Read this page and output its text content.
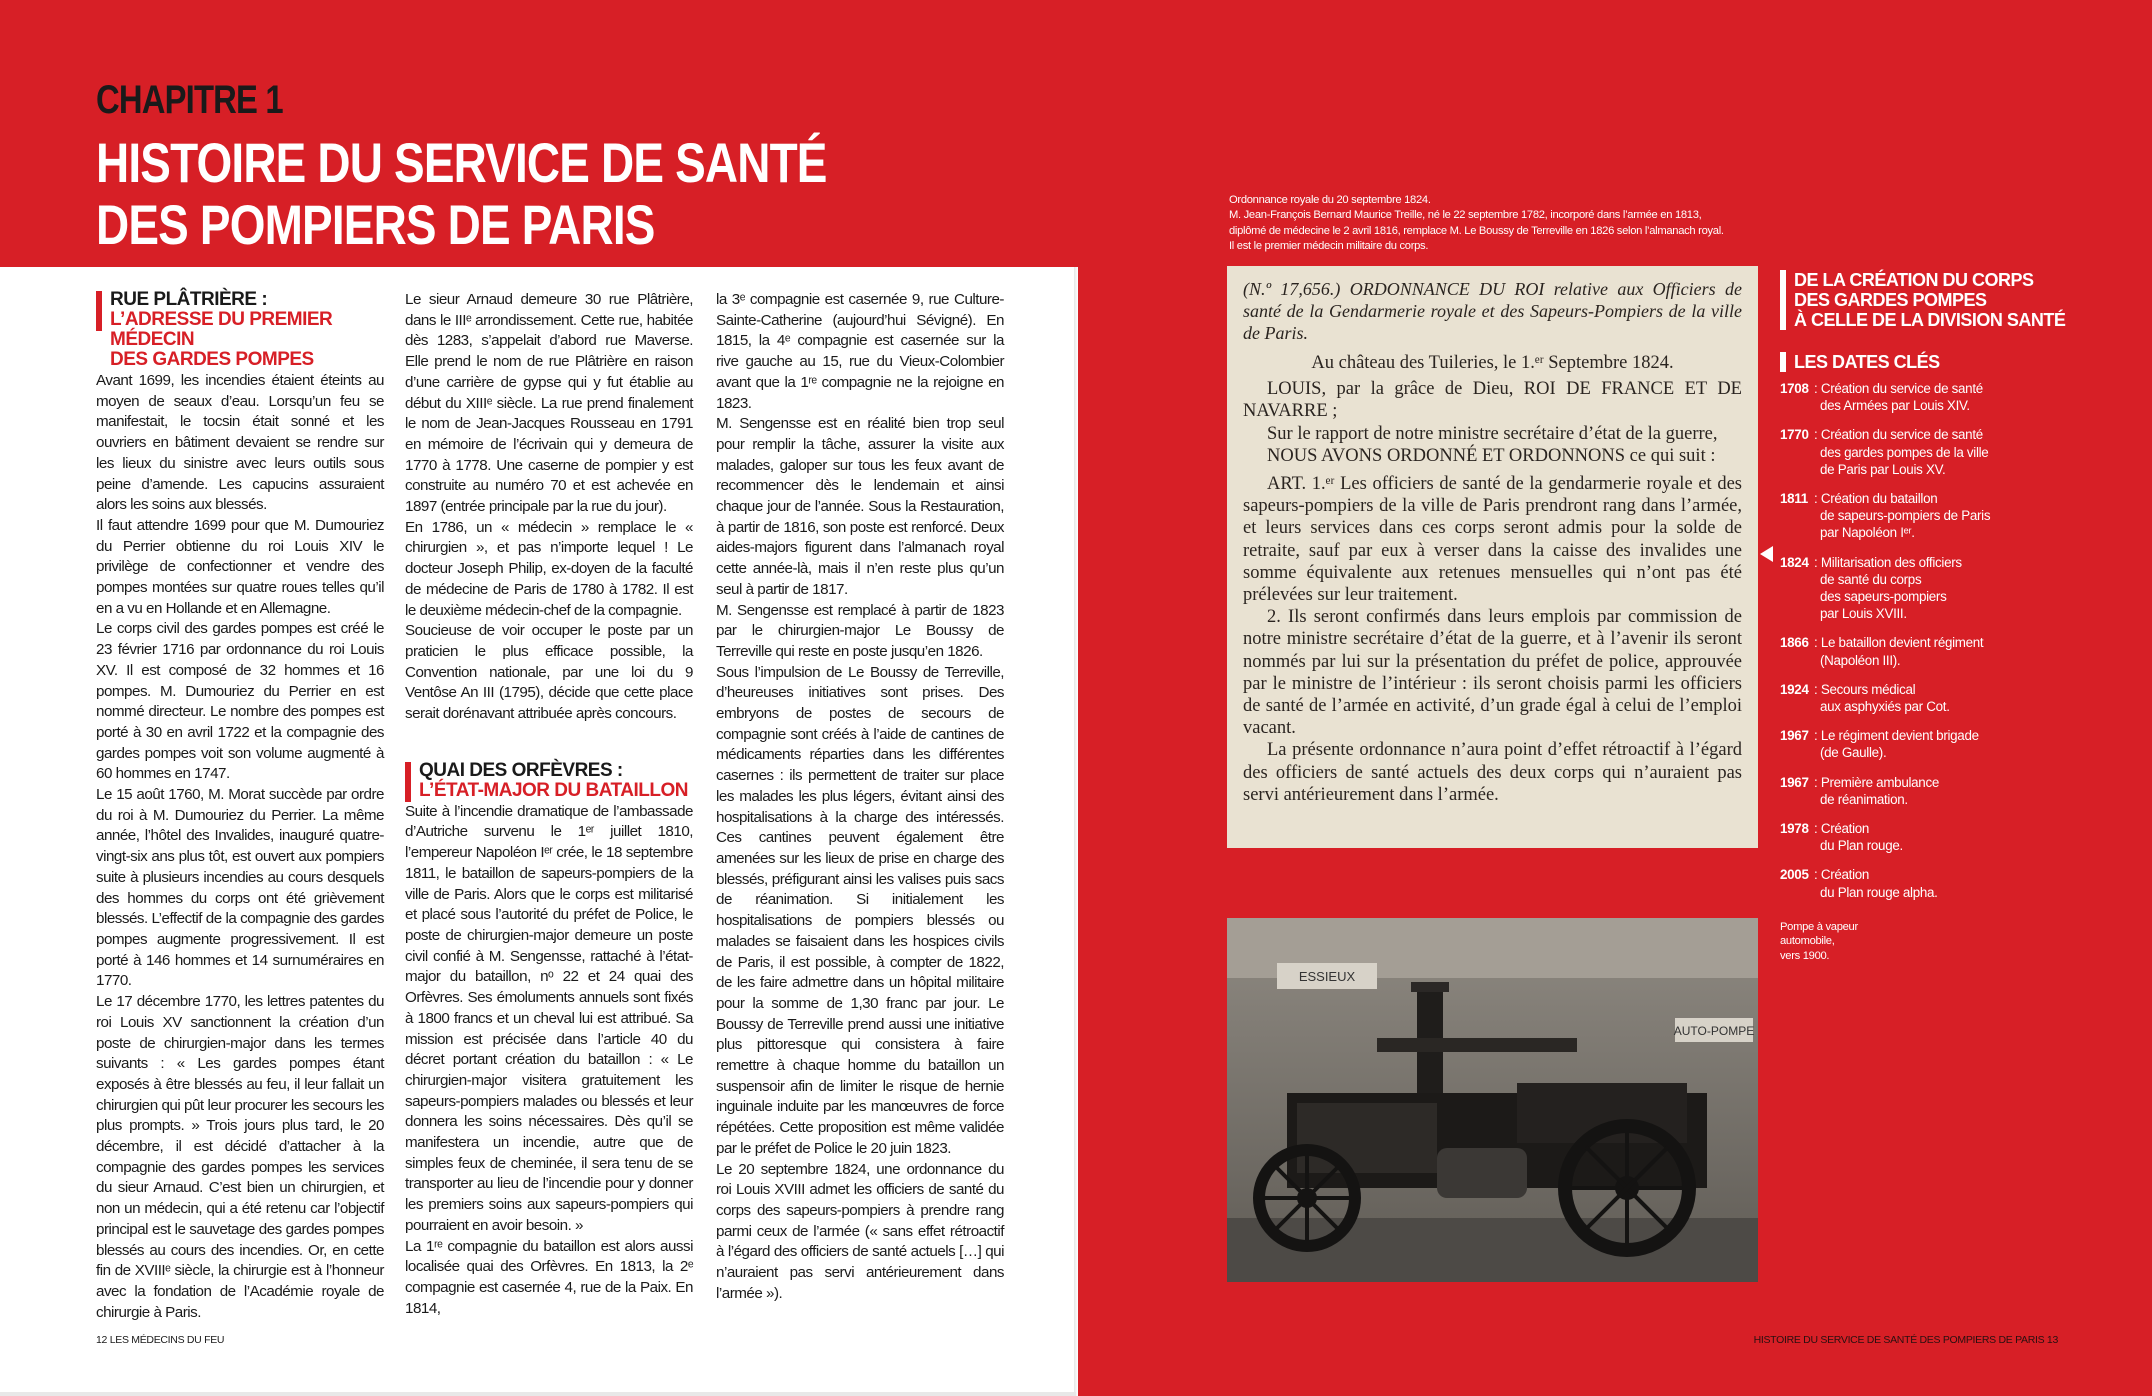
CHAPITRE 1
HISTOIRE DU SERVICE DE SANTÉ
DES POMPIERS DE PARIS
RUE PLÂTRIÈRE :
L’ADRESSE DU PREMIER MÉDECIN
DES GARDES POMPES

Avant 1699, les incendies étaient éteints au moyen de seaux d’eau. Lorsqu’un feu se manifestait, le tocsin était sonné et les ouvriers en bâtiment devaient se rendre sur les lieux du sinistre avec leurs outils sous peine d’amende. Les capucins assuraient alors les soins aux blessés.

Il faut attendre 1699 pour que M. Dumouriez du Perrier obtienne du roi Louis XIV le privilège de confectionner et vendre des pompes montées sur quatre roues telles qu’il en a vu en Hollande et en Allemagne.

Le corps civil des gardes pompes est créé le 23 février 1716 par ordonnance du roi Louis XV. Il est composé de 32 hommes et 16 pompes. M. Dumouriez du Perrier en est nommé directeur. Le nombre des pompes est porté à 30 en avril 1722 et la compagnie des gardes pompes voit son volume augmenté à 60 hommes en 1747.

Le 15 août 1760, M. Morat succède par ordre du roi à M. Dumouriez du Perrier. La même année, l’hôtel des Invalides, inauguré quatre-vingt-six ans plus tôt, est ouvert aux pompiers suite à plusieurs incendies au cours desquels des hommes du corps ont été grièvement blessés. L’effectif de la compagnie des gardes pompes augmente progressivement. Il est porté à 146 hommes et 14 surnuméraires en 1770.

Le 17 décembre 1770, les lettres patentes du roi Louis XV sanctionnent la création d’un poste de chirurgien-major dans les termes suivants : « Les gardes pompes étant exposés à être blessés au feu, il leur fallait un chirurgien qui pût leur procurer les secours les plus prompts. » Trois jours plus tard, le 20 décembre, il est décidé d’attacher à la compagnie des gardes pompes les services du sieur Arnaud. C’est bien un chirurgien, et non un médecin, qui a été retenu car l’objectif principal est le sauvetage des gardes pompes blessés au cours des incendies. Or, en cette fin de XVIIIᵉ siècle, la chirurgie est à l’honneur avec la fondation de l’Académie royale de chirurgie à Paris.

Le sieur Arnaud demeure 30 rue Plâtrière, dans le IIIᵉ arrondissement. Cette rue, habitée dès 1283, s’appelait d’abord rue Maverse. Elle prend le nom de rue Plâtrière en raison d’une carrière de gypse qui y fut établie au début du XIIIᵉ siècle. La rue prend finalement le nom de Jean-Jacques Rousseau en 1791 en mémoire de l’écrivain qui y demeura de 1770 à 1778. Une caserne de pompier y est construite au numéro 70 et est achevée en 1897 (entrée principale par la rue du jour).

En 1786, un « médecin » remplace le « chirurgien », et pas n’importe lequel ! Le docteur Joseph Philip, ex-doyen de la faculté de médecine de Paris de 1780 à 1782. Il est le deuxième médecin-chef de la compagnie.

Soucieuse de voir occuper le poste par un praticien le plus efficace possible, la Convention nationale, par une loi du 9 Ventôse An III (1795), décide que cette place serait dorénavant attribuée après concours.

QUAI DES ORFÈVRES :
L’ÉTAT-MAJOR DU BATAILLON

Suite à l’incendie dramatique de l’ambassade d’Autriche survenu le 1ᵉʳ juillet 1810, l’empereur Napoléon Iᵉʳ crée, le 18 septembre 1811, le bataillon de sapeurs-pompiers de la ville de Paris. Alors que le corps est militarisé et placé sous l’autorité du préfet de Police, le poste de chirurgien-major demeure un poste civil confié à M. Sengensse, rattaché à l’état-major du bataillon, nᵒ 22 et 24 quai des Orfèvres. Ses émoluments annuels sont fixés à 1800 francs et un cheval lui est attribué. Sa mission est précisée dans l’article 40 du décret portant création du bataillon : « Le chirurgien-major visitera gratuitement les sapeurs-pompiers malades ou blessés et leur donnera les soins nécessaires. Dès qu’il se manifestera un incendie, autre que de simples feux de cheminée, il sera tenu de se transporter au lieu de l’incendie pour y donner les premiers soins aux sapeurs-pompiers qui pourraient en avoir besoin. »

La 1ʳᵉ compagnie du bataillon est alors aussi localisée quai des Orfèvres. En 1813, la 2ᵉ compagnie est casernée 4, rue de la Paix. En 1814,

la 3ᵉ compagnie est casernée 9, rue Culture-Sainte-Catherine (aujourd’hui Sévigné). En 1815, la 4ᵉ compagnie est casernée sur la rive gauche au 15, rue du Vieux-Colombier avant que la 1ʳᵉ compagnie ne la rejoigne en 1823.

M. Sengensse est en réalité bien trop seul pour remplir la tâche, assurer la visite aux malades, galoper sur tous les feux avant de recommencer dès le lendemain et ainsi chaque jour de l’année. Sous la Restauration, à partir de 1816, son poste est renforcé. Deux aides-majors figurent dans l’almanach royal cette année-là, mais il n’en reste plus qu’un seul à partir de 1817.

M. Sengensse est remplacé à partir de 1823 par le chirurgien-major Le Boussy de Terreville qui reste en poste jusqu’en 1826.

Sous l’impulsion de Le Boussy de Terreville, d’heureuses initiatives sont prises. Des embryons de postes de secours de compagnie sont créés à l’aide de cantines de médicaments réparties dans les différentes casernes : ils permettent de traiter sur place les malades les plus légers, évitant ainsi des hospitalisations à la charge des intéressés. Ces cantines peuvent également être amenées sur les lieux de prise en charge des blessés, préfigurant ainsi les valises puis sacs de réanimation. Si initialement les hospitalisations de pompiers blessés ou malades se faisaient dans les hospices civils de Paris, il est possible, à compter de 1822, de les faire admettre dans un hôpital militaire pour la somme de 1,30 franc par jour. Le Boussy de Terreville prend aussi une initiative plus pittoresque qui consistera à faire remettre à chaque homme du bataillon un suspensoir afin de limiter le risque de hernie inguinale induite par les manœuvres de force répétées. Cette proposition est même validée par le préfet de Police le 20 juin 1823.

Le 20 septembre 1824, une ordonnance du roi Louis XVIII admet les officiers de santé du corps des sapeurs-pompiers à prendre rang parmi ceux de l’armée (« sans effet rétroactif à l’égard des officiers de santé actuels […] qui n’auraient pas servi antérieurement dans l’armée »).

12 LES MÉDECINS DU FEU	HISTOIRE DU SERVICE DE SANTÉ DES POMPIERS DE PARIS 13

Ordonnance royale du 20 septembre 1824.

M. Jean-François Bernard Maurice Treille, né le 22 septembre 1782, incorporé dans l’armée en 1813,

diplômé de médecine le 2 avril 1816, remplace M. Le Boussy de Terreville en 1826 selon l’almanach royal.

Il est le premier médecin militaire du corps.

(N.º 17,656.) ORDONNANCE DU ROI relative aux Officiers de santé de la Gendarmerie royale et des Sapeurs-Pompiers de la ville de Paris.

Au château des Tuileries, le 1.ᵉʳ Septembre 1824.

LOUIS, par la grâce de Dieu, ROI DE FRANCE ET DE NAVARRE ;

Sur le rapport de notre ministre secrétaire d’état de la guerre,

NOUS AVONS ORDONNÉ ET ORDONNONS ce qui suit :

ART. 1.ᵉʳ Les officiers de santé de la gendarmerie royale et des sapeurs-pompiers de la ville de Paris prendront rang dans l’armée, et leurs services dans ces corps seront admis pour la solde de retraite, sauf par eux à verser dans la caisse des invalides une somme équivalente aux retenues mensuelles qui n’ont pas été prélevées sur leur traitement.

2. Ils seront confirmés dans leurs emplois par commission de notre ministre secrétaire d’état de la guerre, et à l’avenir ils seront nommés par lui sur la présentation du préfet de police, approuvée par le ministre de l’intérieur : ils seront choisis parmi les officiers de santé de l’armée en activité, d’un grade égal à celui de l’emploi vacant.

La présente ordonnance n’aura point d’effet rétroactif à l’égard des officiers de santé actuels des deux corps qui n’auraient pas servi antérieurement dans l’armée.

ESSIEUX
AUTO-POMPE

Pompe à vapeur

automobile,

vers 1900.

DE LA CRÉATION DU CORPS
DES GARDES POMPES
À CELLE DE LA DIVISION SANTÉ
LES DATES CLÉS
1708 : Création du service de santé
des Armées par Louis XIV.
1770 : Création du service de santé
des gardes pompes de la ville
de Paris par Louis XV.
1811 : Création du bataillon
de sapeurs-pompiers de Paris
par Napoléon Iᵉʳ.
1824 : Militarisation des officiers
de santé du corps
des sapeurs-pompiers
par Louis XVIII.
1866 : Le bataillon devient régiment
(Napoléon III).
1924 : Secours médical
aux asphyxiés par Cot.
1967 : Le régiment devient brigade
(de Gaulle).
1967 : Première ambulance
de réanimation.
1978 : Création
du Plan rouge.
2005 : Création
du Plan rouge alpha.
